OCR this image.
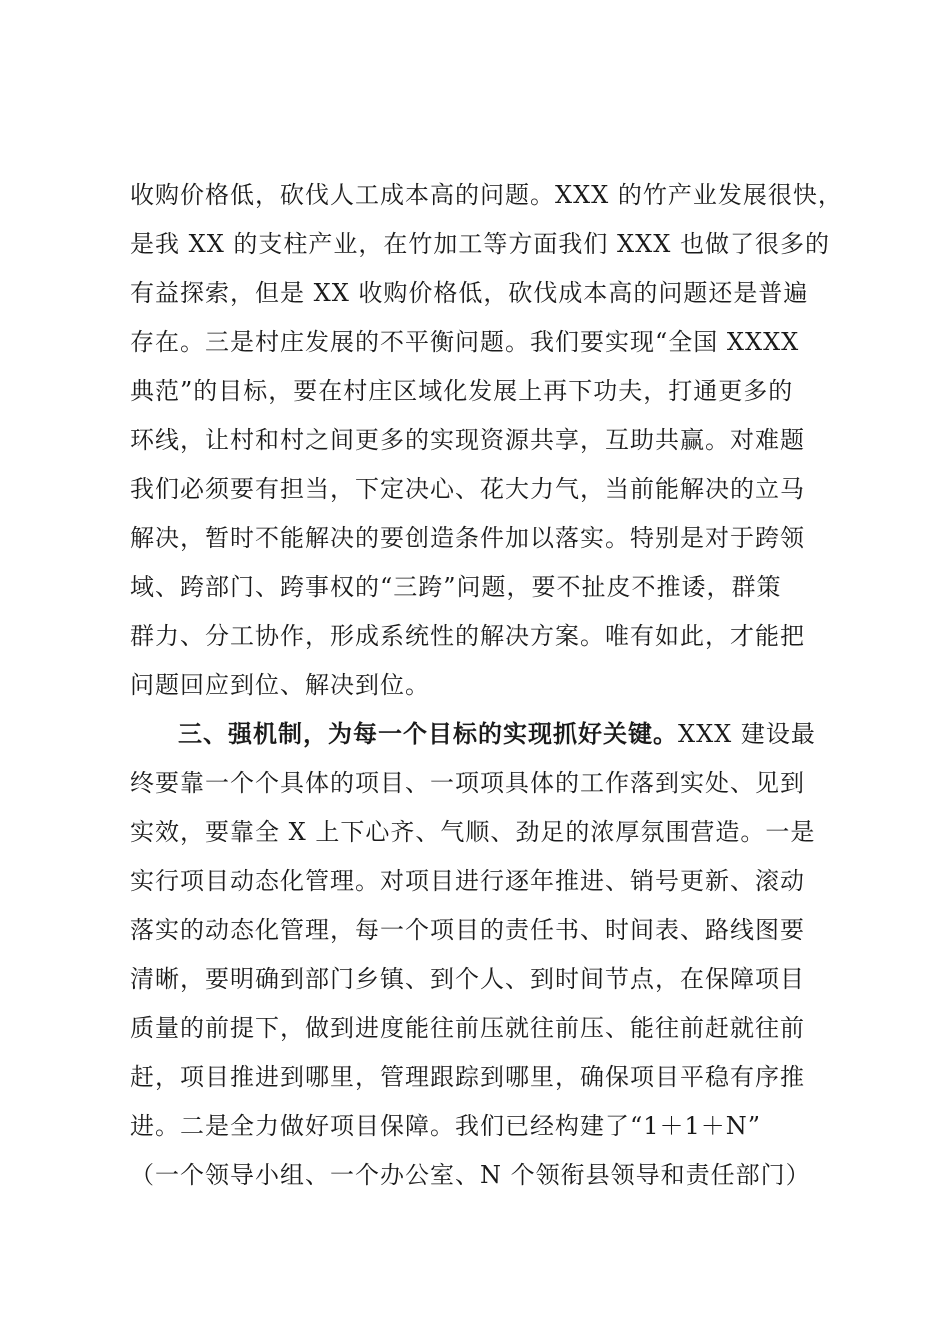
收购价格低，砍伐人工成本高的问题。XXX 的竹产业发展很快，
是我 XX 的支柱产业，在竹加工等方面我们 XXX 也做了很多的
有益探索，但是 XX 收购价格低，砍伐成本高的问题还是普遍
存在。三是村庄发展的不平衡问题。我们要实现“全国 XXXX
典范”的目标，要在村庄区域化发展上再下功夫，打通更多的
环线，让村和村之间更多的实现资源共享，互助共赢。对难题
我们必须要有担当，下定决心、花大力气，当前能解决的立马
解决，暂时不能解决的要创造条件加以落实。特别是对于跨领
域、跨部门、跨事权的“三跨”问题，要不扯皮不推诿，群策
群力、分工协作，形成系统性的解决方案。唯有如此，才能把
问题回应到位、解决到位。
三、强机制，为每一个目标的实现抓好关键。XXX 建设最
终要靠一个个具体的项目、一项项具体的工作落到实处、见到
实效，要靠全 X 上下心齐、气顺、劲足的浓厚氛围营造。一是
实行项目动态化管理。对项目进行逐年推进、销号更新、滚动
落实的动态化管理，每一个项目的责任书、时间表、路线图要
清晰，要明确到部门乡镇、到个人、到时间节点，在保障项目
质量的前提下，做到进度能往前压就往前压、能往前赶就往前
赶，项目推进到哪里，管理跟踪到哪里，确保项目平稳有序推
进。二是全力做好项目保障。我们已经构建了“1＋1＋N”
（一个领导小组、一个办公室、N 个领衔县领导和责任部门）
